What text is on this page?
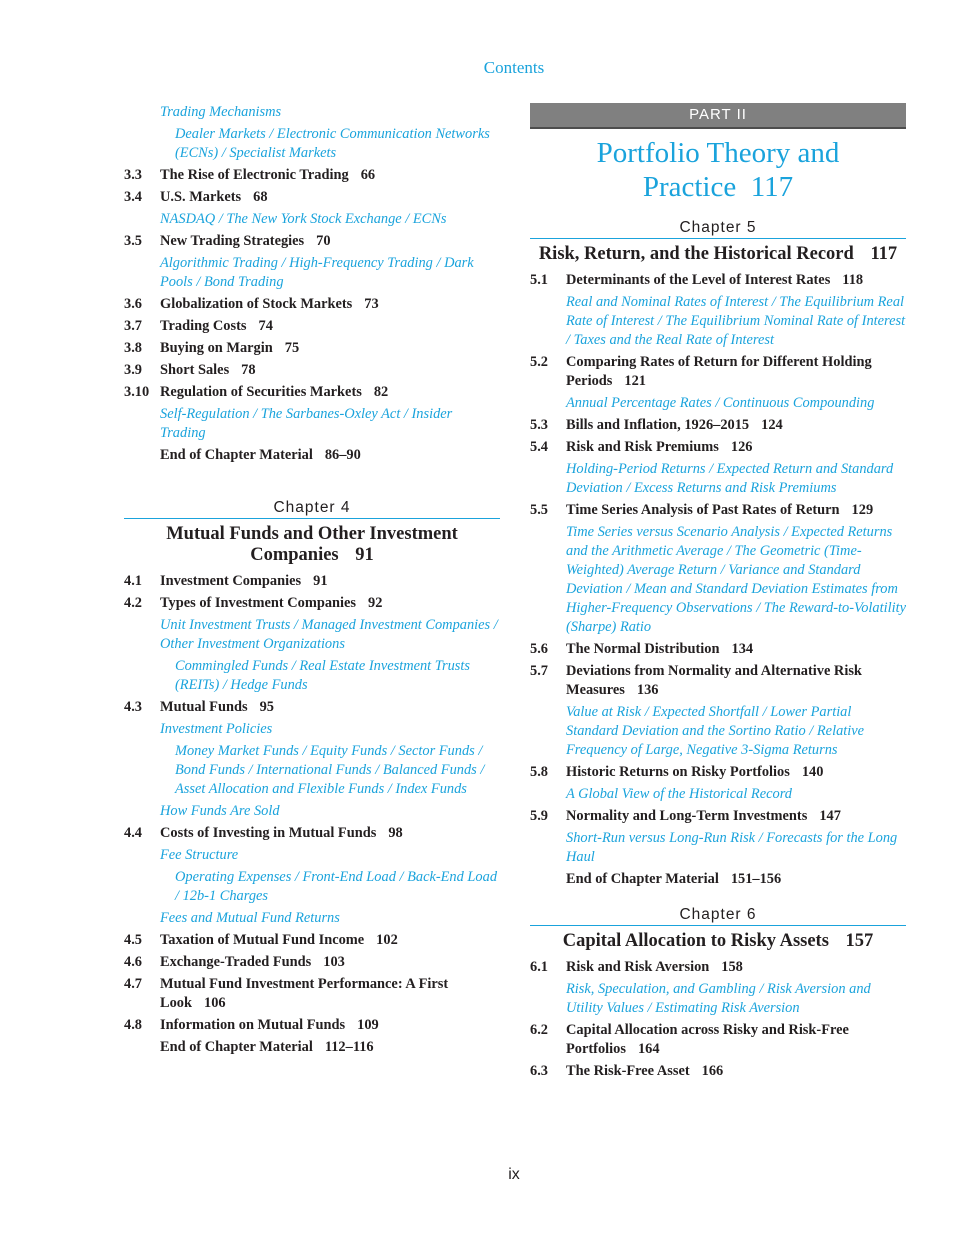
Contents
Trading Mechanisms
Dealer Markets / Electronic Communication Networks (ECNs) / Specialist Markets
3.3	The Rise of Electronic Trading 66
3.4	U.S. Markets 68
NASDAQ / The New York Stock Exchange / ECNs
3.5	New Trading Strategies 70
Algorithmic Trading / High-Frequency Trading / Dark Pools / Bond Trading
3.6	Globalization of Stock Markets 73
3.7	Trading Costs 74
3.8	Buying on Margin 75
3.9	Short Sales 78
3.10 Regulation of Securities Markets 82
Self-Regulation / The Sarbanes-Oxley Act / Insider Trading
End of Chapter Material 86–90
Chapter 4
Mutual Funds and Other Investment Companies 91
4.1	Investment Companies 91
4.2	Types of Investment Companies 92
Unit Investment Trusts / Managed Investment Companies / Other Investment Organizations
Commingled Funds / Real Estate Investment Trusts (REITs) / Hedge Funds
4.3	Mutual Funds 95
Investment Policies
Money Market Funds / Equity Funds / Sector Funds / Bond Funds / International Funds / Balanced Funds / Asset Allocation and Flexible Funds / Index Funds
How Funds Are Sold
4.4	Costs of Investing in Mutual Funds 98
Fee Structure
Operating Expenses / Front-End Load / Back-End Load / 12b-1 Charges
Fees and Mutual Fund Returns
4.5	Taxation of Mutual Fund Income 102
4.6	Exchange-Traded Funds 103
4.7	Mutual Fund Investment Performance: A First Look 106
4.8	Information on Mutual Funds 109
End of Chapter Material 112–116
PART II
Portfolio Theory and Practice 117
Chapter 5
Risk, Return, and the Historical Record 117
5.1	Determinants of the Level of Interest Rates 118
Real and Nominal Rates of Interest / The Equilibrium Real Rate of Interest / The Equilibrium Nominal Rate of Interest / Taxes and the Real Rate of Interest
5.2	Comparing Rates of Return for Different Holding Periods 121
Annual Percentage Rates / Continuous Compounding
5.3	Bills and Inflation, 1926–2015 124
5.4	Risk and Risk Premiums 126
Holding-Period Returns / Expected Return and Standard Deviation / Excess Returns and Risk Premiums
5.5	Time Series Analysis of Past Rates of Return 129
Time Series versus Scenario Analysis / Expected Returns and the Arithmetic Average / The Geometric (Time-Weighted) Average Return / Variance and Standard Deviation / Mean and Standard Deviation Estimates from Higher-Frequency Observations / The Reward-to-Volatility (Sharpe) Ratio
5.6	The Normal Distribution 134
5.7	Deviations from Normality and Alternative Risk Measures 136
Value at Risk / Expected Shortfall / Lower Partial Standard Deviation and the Sortino Ratio / Relative Frequency of Large, Negative 3-Sigma Returns
5.8	Historic Returns on Risky Portfolios 140
A Global View of the Historical Record
5.9	Normality and Long-Term Investments 147
Short-Run versus Long-Run Risk / Forecasts for the Long Haul
End of Chapter Material 151–156
Chapter 6
Capital Allocation to Risky Assets 157
6.1	Risk and Risk Aversion 158
Risk, Speculation, and Gambling / Risk Aversion and Utility Values / Estimating Risk Aversion
6.2	Capital Allocation across Risky and Risk-Free Portfolios 164
6.3	The Risk-Free Asset 166
ix
